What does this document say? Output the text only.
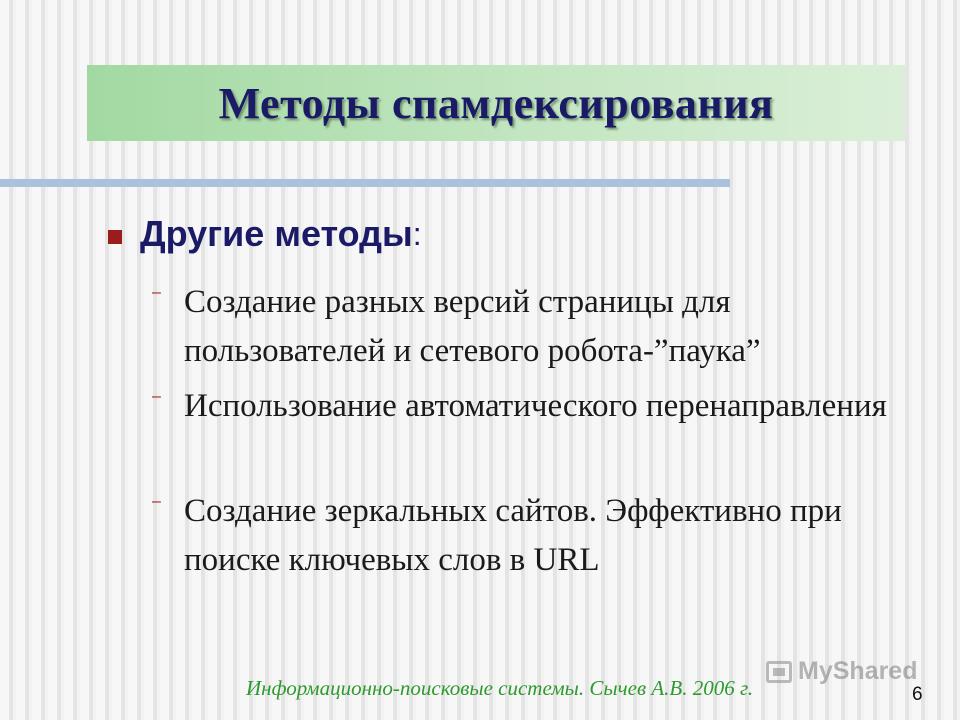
Методы спамдексирования
Другие методы :
– Создание разных версий страницы для пользователей и сетевого робота-”паука”
– Использование автоматического перенаправления
– Создание зеркальных сайтов. Эффективно при поиске ключевых слов в URL
Информационно-поисковые системы. Сычев А.В. 2006 г.
MyShared
6
